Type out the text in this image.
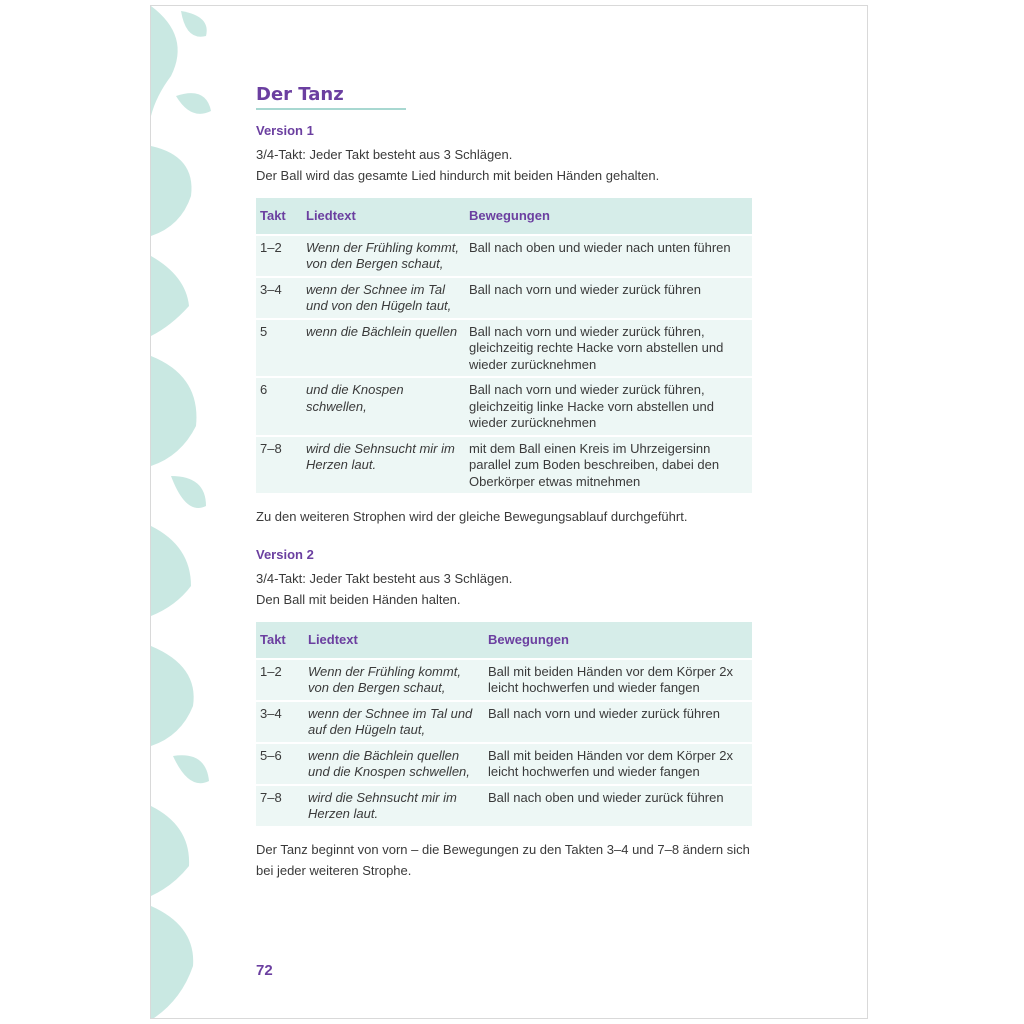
Der Tanz
Version 1

3/4-Takt: Jeder Takt besteht aus 3 Schlägen.

Der Ball wird das gesamte Lied hindurch mit beiden Händen gehalten.

Takt	Liedtext	Bewegungen
1–2	Wenn der Frühling kommt, von den Bergen schaut,	Ball nach oben und wieder nach unten führen
3–4	wenn der Schnee im Tal und von den Hügeln taut,	Ball nach vorn und wieder zurück führen
5	wenn die Bächlein quellen	Ball nach vorn und wieder zurück führen, gleichzeitig rechte Hacke vorn abstellen und wieder zurücknehmen
6	und die Knospen schwellen,	Ball nach vorn und wieder zurück führen, gleichzeitig linke Hacke vorn abstellen und wieder zurücknehmen
7–8	wird die Sehnsucht mir im Herzen laut.	mit dem Ball einen Kreis im Uhrzeigersinn parallel zum Boden beschreiben, dabei den Oberkörper etwas mitnehmen

Zu den weiteren Strophen wird der gleiche Bewegungsablauf durchgeführt.

Version 2

3/4-Takt: Jeder Takt besteht aus 3 Schlägen.

Den Ball mit beiden Händen halten.

Takt	Liedtext	Bewegungen
1–2	Wenn der Frühling kommt, von den Bergen schaut,	Ball mit beiden Händen vor dem Körper 2x leicht hochwerfen und wieder fangen
3–4	wenn der Schnee im Tal und auf den Hügeln taut,	Ball nach vorn und wieder zurück führen
5–6	wenn die Bächlein quellen und die Knospen schwellen,	Ball mit beiden Händen vor dem Körper 2x leicht hochwerfen und wieder fangen
7–8	wird die Sehnsucht mir im Herzen laut.	Ball nach oben und wieder zurück führen

Der Tanz beginnt von vorn – die Bewegungen zu den Takten 3–4 und 7–8 ändern sich bei jeder weiteren Strophe.

72
